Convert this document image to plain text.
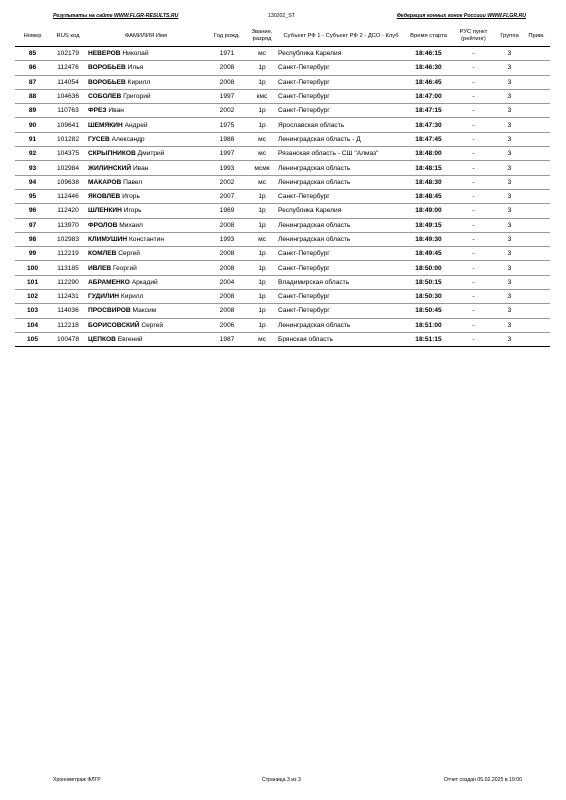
Результаты на сайте WWW.FLGR-RESULTS.RU	130202_ST	Федерация гонных гонок Россиии WWW.FLGR.RU
Номер	RUS код	ФАМИЛИЯ Имя	Год рожд.	Звание, разряд	Субъект РФ 1 - Субъект РФ 2 - ДСО - Клуб	Время старта	РУС пункт (рейтинг)	Группа	Прим.
85	102179	НЕВЕРОВ Николай	1971	мс	Республика Карелия	18:46:15	-	3	
86	112476	ВОРОБЬЕВ Илья	2008	1р	Санкт-Петербург	18:46:30	-	3	
87	114054	ВОРОБЬЕВ Кирилл	2008	1р	Санкт-Петербург	18:46:45	-	3	
88	104636	СОБОЛЕВ Григорий	1997	кмс	Санкт-Петербург	18:47:00	-	3	
89	110763	ФРЕЗ Иван	2002	1р	Санкт-Петербург	18:47:15	-	3	
90	109641	ШЕМЯКИН Андрей	1975	1р	Ярославская область	18:47:30	-	3	
91	101282	ГУСЕВ Александр	1988	мс	Ленинградская область - Д	18:47:45	-	3	
92	104375	СКРЫПНИКОВ Дмитрий	1997	мс	Рязанская область - СШ "Алмаз"	18:48:00	-	3	
93	102984	ЖИЛИНСКИЙ Иван	1993	мсмк	Ленинградская область	18:48:15	-	3	
94	109638	МАКАРОВ Павел	2002	мс	Ленинградская область	18:48:30	-	3	
95	112446	ЯКОВЛЕВ Игорь	2007	1р	Санкт-Петербург	18:48:45	-	3	
96	112420	ШЛЕНКИН Игорь	1969	1р	Республика Карелия	18:49:00	-	3	
97	113970	ФРОЛОВ Михаил	2008	1р	Ленинградская область	18:49:15	-	3	
98	102983	КЛИМУШИН Константин	1993	мс	Ленинградская область	18:49:30	-	3	
99	112219	КОМЛЕВ Сергей	2008	1р	Санкт-Петербург	18:49:45	-	3	
100	113185	ИВЛЕВ Георгий	2008	1р	Санкт-Петербург	18:50:00	-	3	
101	112290	АБРАМЕНКО Аркадий	2004	1р	Владимирская область	18:50:15	-	3	
102	112431	ГУДИЛИН Кирилл	2008	1р	Санкт-Петербург	18:50:30	-	3	
103	114036	ПРОСВИРОВ Максим	2008	1р	Санкт-Петербург	18:50:45	-	3	
104	112218	БОРИСОВСКИЙ Сергей	2006	1р	Ленинградская область	18:51:00	-	3	
105	100478	ЦЕПКОВ Евгений	1987	мс	Брянская область	18:51:15	-	3	
Хронометраж ФЛГР	Страница 3 из 3	Отчет создан 05.02.2025 в 19:00
